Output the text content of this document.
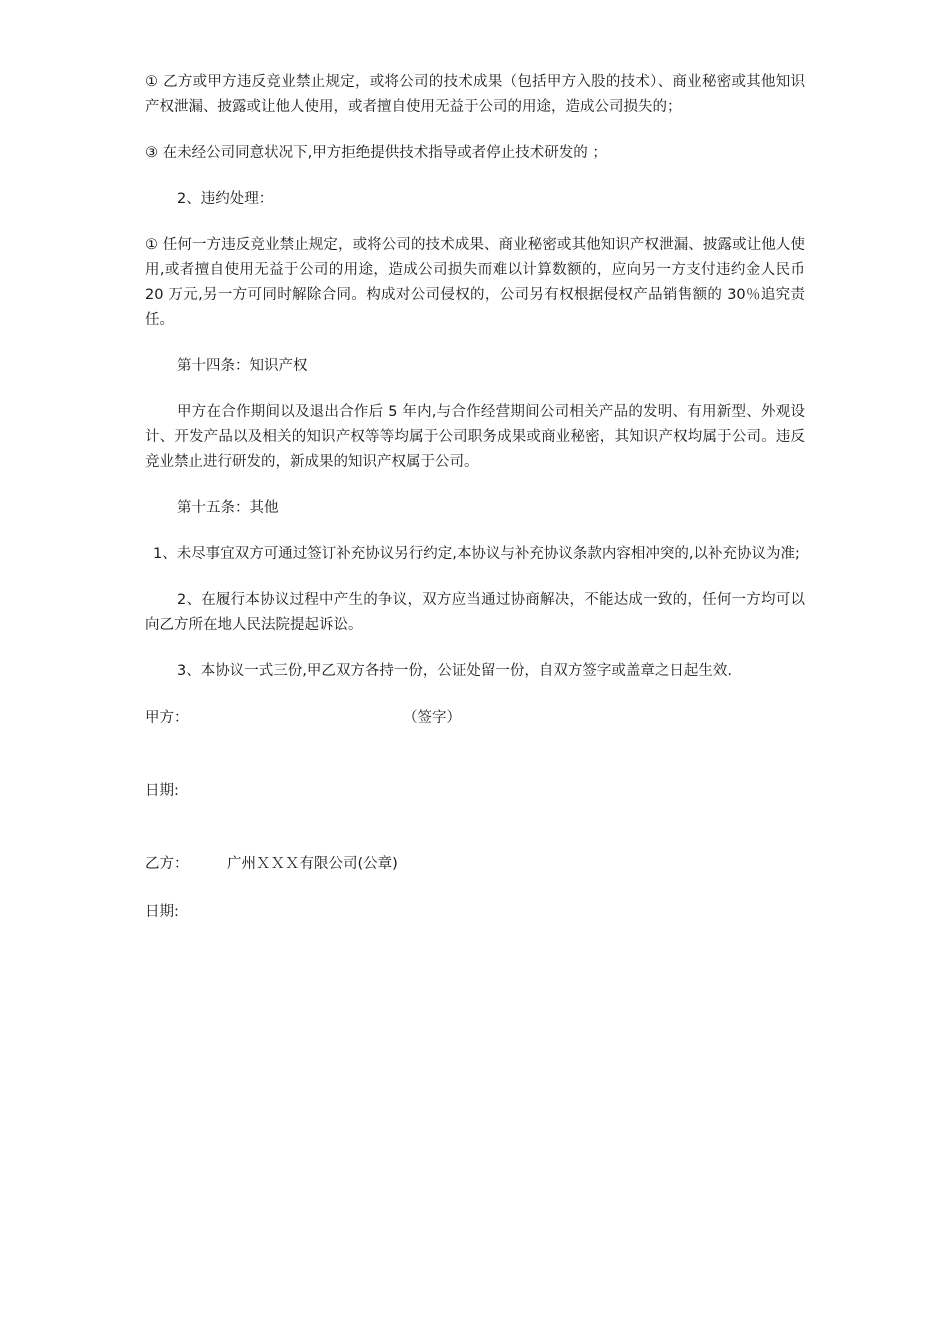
① 乙方或甲方违反竞业禁止规定，或将公司的技术成果（包括甲方入股的技术）、商业秘密或其他知识产权泄漏、披露或让他人使用，或者擅自使用无益于公司的用途，造成公司损失的；

③ 在未经公司同意状况下,甲方拒绝提供技术指导或者停止技术研发的 ；

2、违约处理：

① 任何一方违反竞业禁止规定，或将公司的技术成果、商业秘密或其他知识产权泄漏、披露或让他人使用,或者擅自使用无益于公司的用途，造成公司损失而难以计算数额的，应向另一方支付违约金人民币 20 万元,另一方可同时解除合同。构成对公司侵权的，公司另有权根据侵权产品销售额的 30％追究责任。

第十四条：知识产权

甲方在合作期间以及退出合作后 5 年内,与合作经营期间公司相关产品的发明、有用新型、外观设计、开发产品以及相关的知识产权等等均属于公司职务成果或商业秘密，其知识产权均属于公司。违反竞业禁止进行研发的，新成果的知识产权属于公司。

第十五条：其他

1、未尽事宜双方可通过签订补充协议另行约定,本协议与补充协议条款内容相冲突的,以补充协议为准;

2、在履行本协议过程中产生的争议，双方应当通过协商解决，不能达成一致的，任何一方均可以向乙方所在地人民法院提起诉讼。

3、本协议一式三份,甲乙双方各持一份，公证处留一份，自双方签字或盖章之日起生效.

甲方：	（签字）
日期:
乙方：	广州ＸＸＸ有限公司(公章)
日期:
